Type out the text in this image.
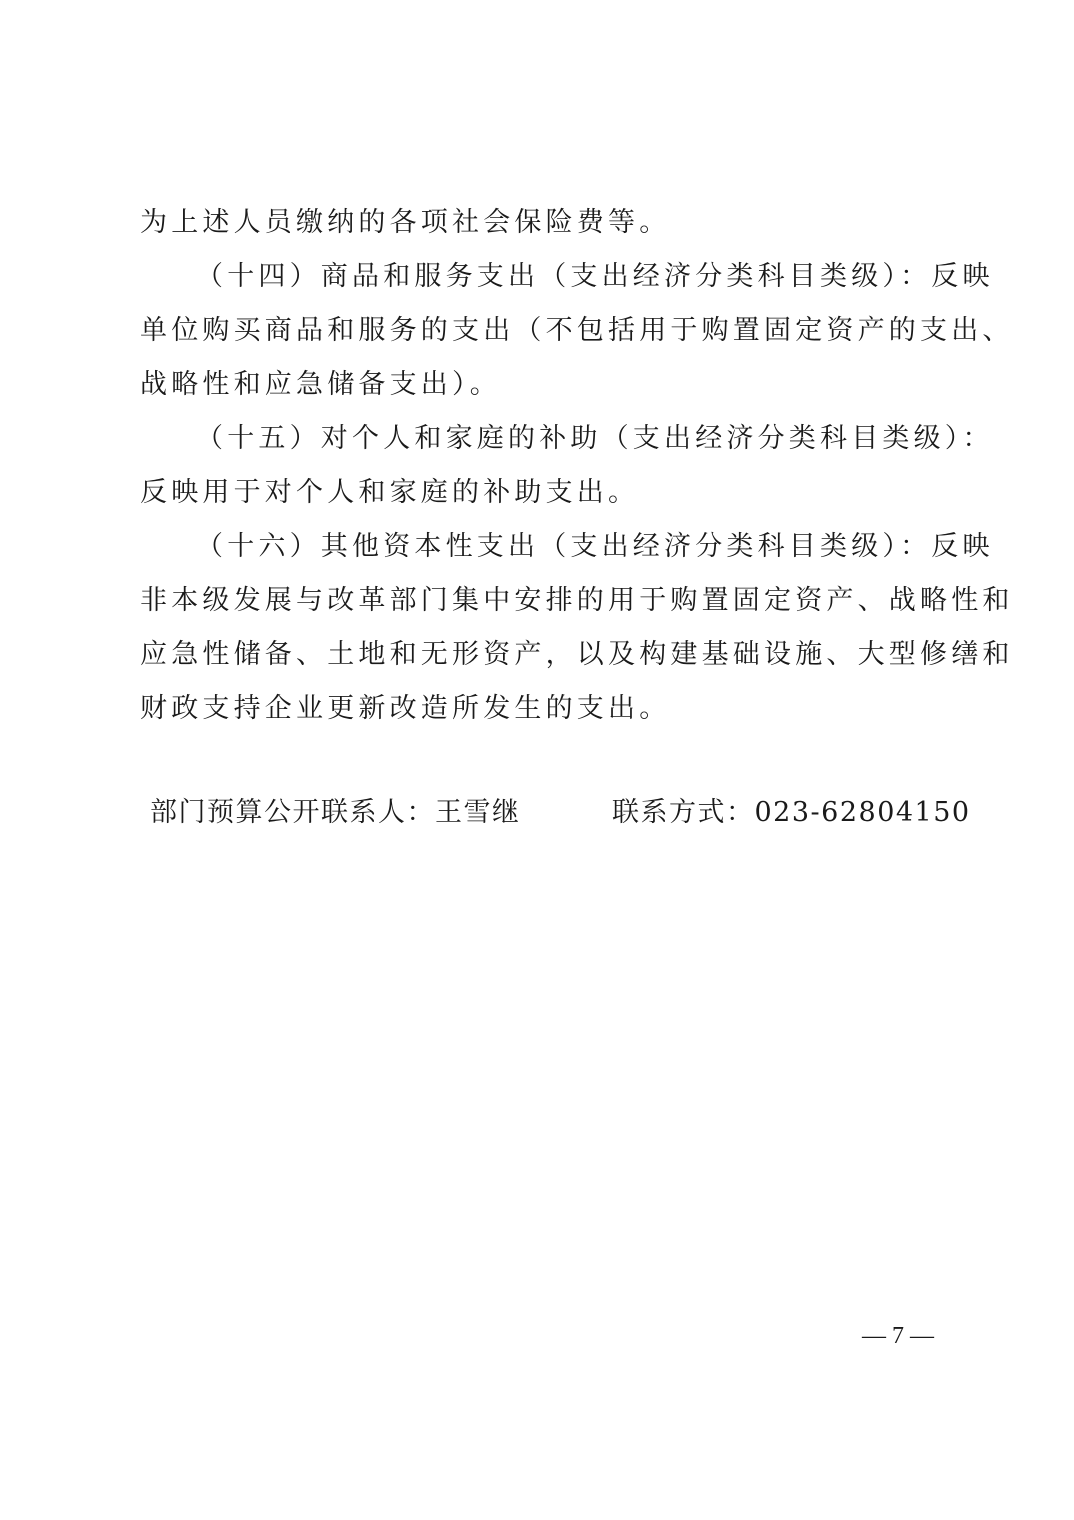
为上述人员缴纳的各项社会保险费等。
（十四）商品和服务支出（支出经济分类科目类级）：反映
单位购买商品和服务的支出（不包括用于购置固定资产的支出、
战略性和应急储备支出）。
（十五）对个人和家庭的补助（支出经济分类科目类级）：
反映用于对个人和家庭的补助支出。
（十六）其他资本性支出（支出经济分类科目类级）：反映
非本级发展与改革部门集中安排的用于购置固定资产、战略性和
应急性储备、土地和无形资产，以及构建基础设施、大型修缮和
财政支持企业更新改造所发生的支出。
部门预算公开联系人：王雪继	联系方式：023-62804150
— 7 —
